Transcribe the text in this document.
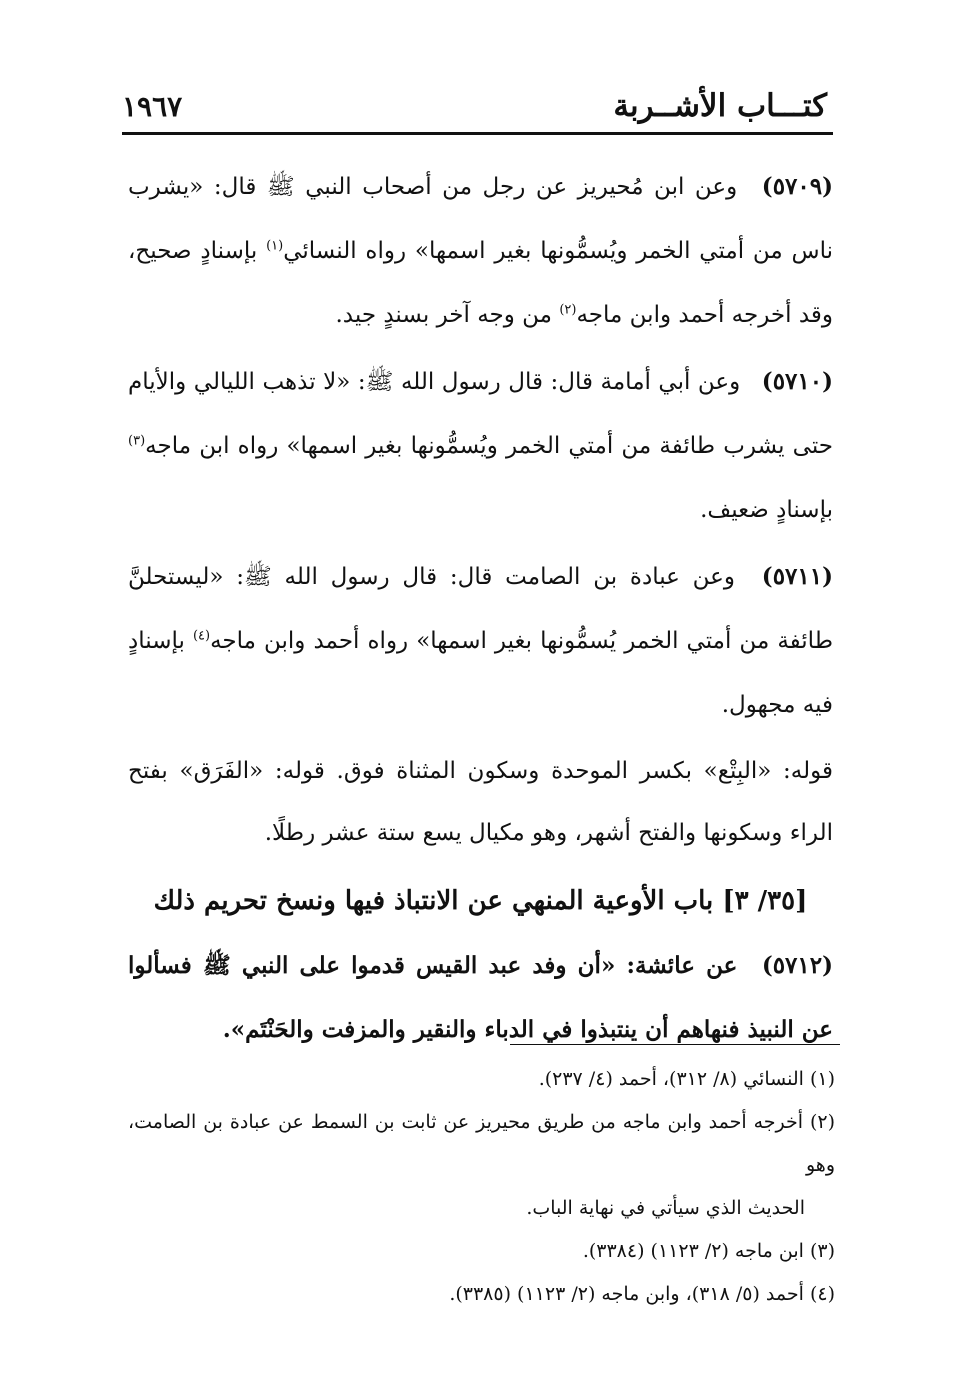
كتـــاب الأشــربة
١٩٦٧

(٥٧٠٩) وعن ابن مُحيريز عن رجل من أصحاب النبي ﷺ قال: «يشرب ناس من أمتي الخمر ويُسمُّونها بغير اسمها» رواه النسائي$^{(١)}$ بإسنادٍ صحيح، وقد أخرجه أحمد وابن ماجه$^{(٢)}$ من وجه آخر بسندٍ جيد.

(٥٧١٠) وعن أبي أمامة قال: قال رسول الله ﷺ: «لا تذهب الليالي والأيام حتى يشرب طائفة من أمتي الخمر ويُسمُّونها بغير اسمها» رواه ابن ماجه$^{(٣)}$ بإسنادٍ ضعيف.

(٥٧١١) وعن عبادة بن الصامت قال: قال رسول الله ﷺ: «ليستحلنَّ طائفة من أمتي الخمر يُسمُّونها بغير اسمها» رواه أحمد وابن ماجه$^{(٤)}$ بإسنادٍ فيه مجهول.

قوله: «البِتْع» بكسر الموحدة وسكون المثناة فوق. قوله: «الفَرَق» بفتح الراء وسكونها والفتح أشهر، وهو مكيال يسع ستة عشر رطلًا.

[٣٥/ ٣] باب الأوعية المنهي عن الانتباذ فيها ونسخ تحريم ذلك

(٥٧١٢) عن عائشة: «أن وفد عبد القيس قدموا على النبي ﷺ فسألوا عن النبيذ فنهاهم أن ينتبذوا في الدباء والنقير والمزفت والحَنْتَم».

(١) النسائي (٨/ ٣١٢)، أحمد (٤/ ٢٣٧).

(٢) أخرجه أحمد وابن ماجه من طريق محيريز عن ثابت بن السمط عن عبادة بن الصامت، وهو
الحديث الذي سيأتي في نهاية الباب.

(٣) ابن ماجه (٢/ ١١٢٣) (٣٣٨٤).

(٤) أحمد (٥/ ٣١٨)، وابن ماجه (٢/ ١١٢٣) (٣٣٨٥).
